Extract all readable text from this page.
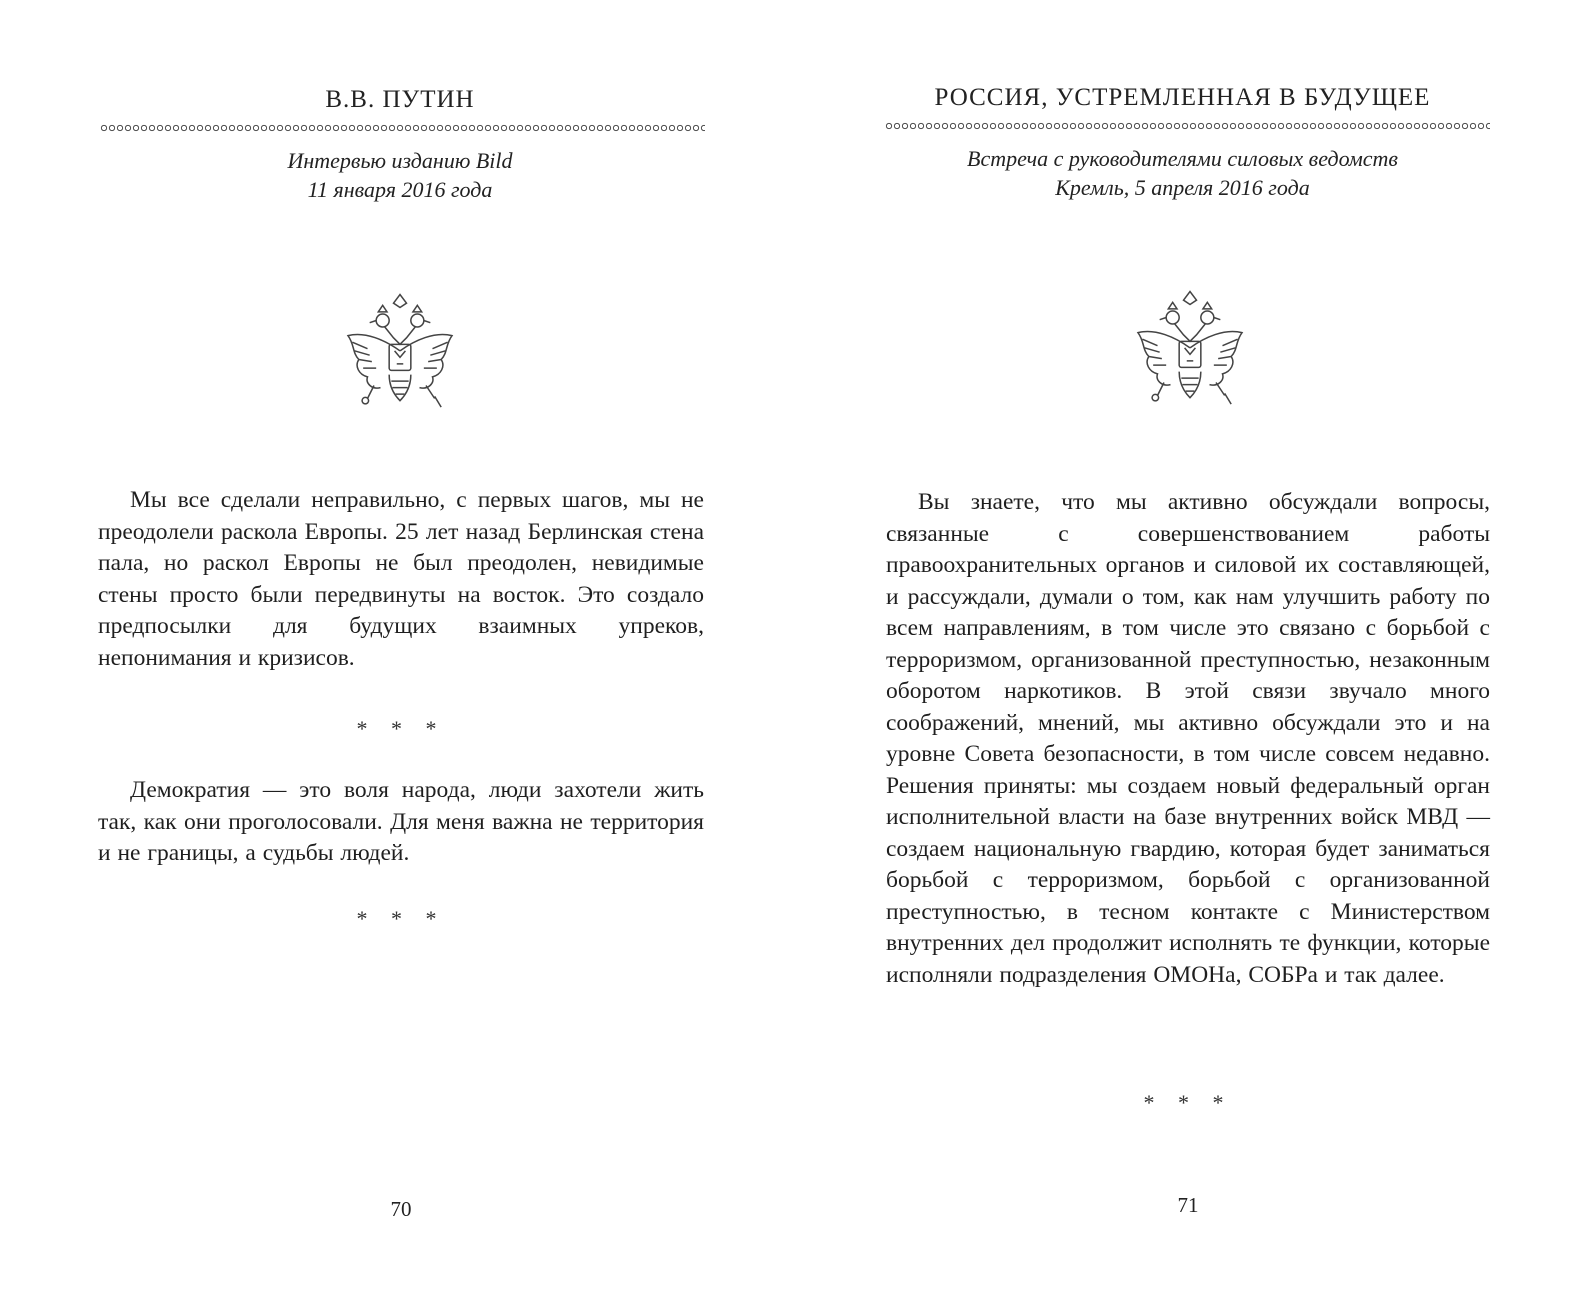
В.В. ПУТИН
Интервью изданию Bild
11 января 2016 года

Мы все сделали неправильно, с первых шагов, мы не преодолели раскола Европы. 25 лет назад Берлинская стена пала, но раскол Европы не был преодолен, невидимые стены просто были передвинуты на восток. Это создало предпосылки для будущих взаимных упреков, непонимания и кризисов.

* * *

Демократия — это воля народа, люди захотели жить так, как они проголосовали. Для меня важна не территория и не границы, а судьбы людей.

* * *
70
РОССИЯ, УСТРЕМЛЕННАЯ В БУДУЩЕЕ
Встреча с руководителями силовых ведомств
Кремль, 5 апреля 2016 года

Вы знаете, что мы активно обсуждали вопросы, связанные с совершенствованием работы правоохранительных органов и силовой их составляющей, и рассуждали, думали о том, как нам улучшить работу по всем направлениям, в том числе это связано с борьбой с терроризмом, организованной преступностью, незаконным оборотом наркотиков. В этой связи звучало много соображений, мнений, мы активно обсуждали это и на уровне Совета безопасности, в том числе совсем недавно. Решения приняты: мы создаем новый федеральный орган исполнительной власти на базе внутренних войск МВД — создаем национальную гвардию, которая будет заниматься борьбой с терроризмом, борьбой с организованной преступностью, в тесном контакте с Министерством внутренних дел продолжит исполнять те функции, которые исполняли подразделения ОМОНа, СОБРа и так далее.

* * *
71
